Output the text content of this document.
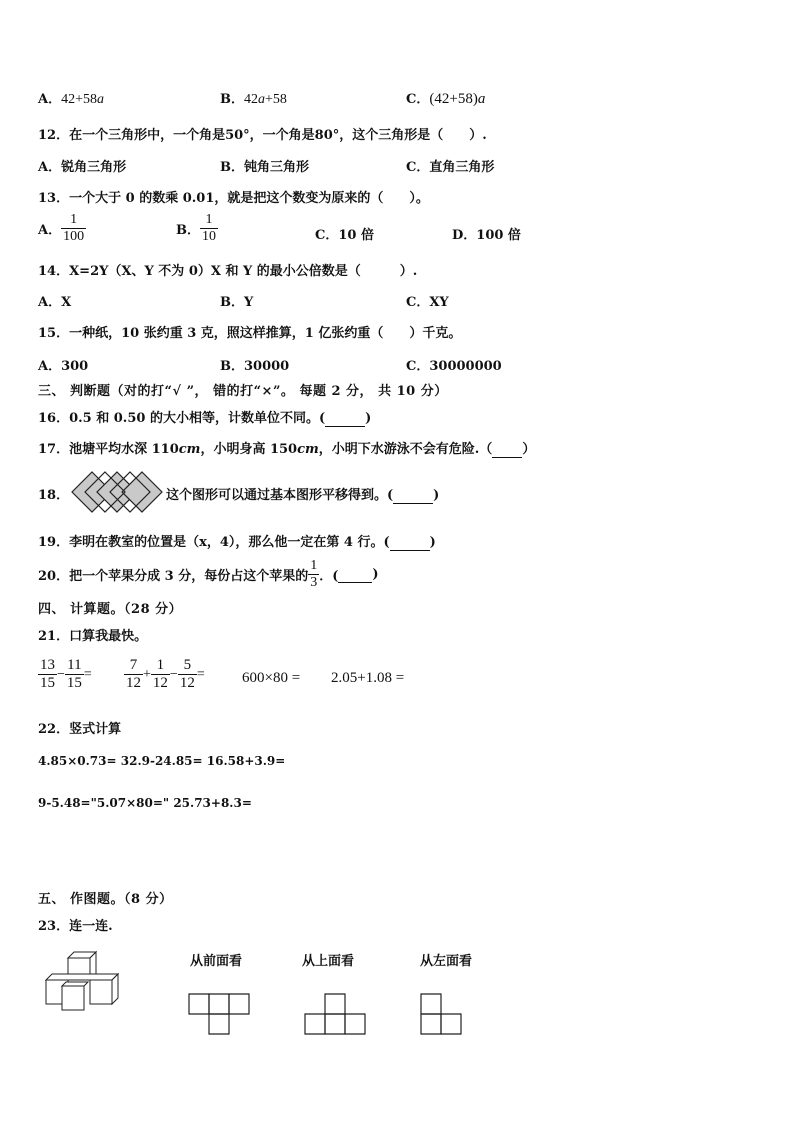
A．42+58a	B．42a+58	C．(42+58)a
12．在一个三角形中，一个角是50°，一个角是80°，这个三角形是（　　）.
A．锐角三角形	B．钝角三角形	C．直角三角形
13．一个大于 0 的数乘 0.01，就是把这个数变为原来的（　　）。
A． $\frac{1}{100}$	B． $\frac{1}{10}$	C．10 倍	D．100 倍
14．X=2Y（X、Y 不为 0）X 和 Y 的最小公倍数是（　　　）.
A．X	B．Y	C．XY
15．一种纸，10 张约重 3 克，照这样推算，1 亿张约重（　　）千克。
A．300	B．30000	C．30000000
三、 判断题（对的打“√ ”， 错的打“×”。 每题 2 分， 共 10 分）
16．0.5 和 0.50 的大小相等，计数单位不同。(	)
17．池塘平均水深 110cm，小明身高 150cm，小明下水游泳不会有危险.（ ）
18．	这个图形可以通过基本图形平移得到。(	)
19．李明在教室的位置是（x，4），那么他一定在第 4 行。(	)
20．把一个苹果分成 3 分，每份占这个苹果的 $\frac{1}{3}$ ．(	)
四、 计算题。（28 分）
21．口算我最快。
$\frac{13}{15} - \frac{11}{15} = \frac{7}{12} + \frac{1}{12} - \frac{5}{12} = 600\times 80 = 2.05+1.08$ =
22．竖式计算
4.85×0.73= 32.9-24.85= 16.58+3.9=
9-5.48="5.07×80=" 25.73+8.3=
五、 作图题。（8 分）
23．连一连.
从前面看	从上面看	从左面看
